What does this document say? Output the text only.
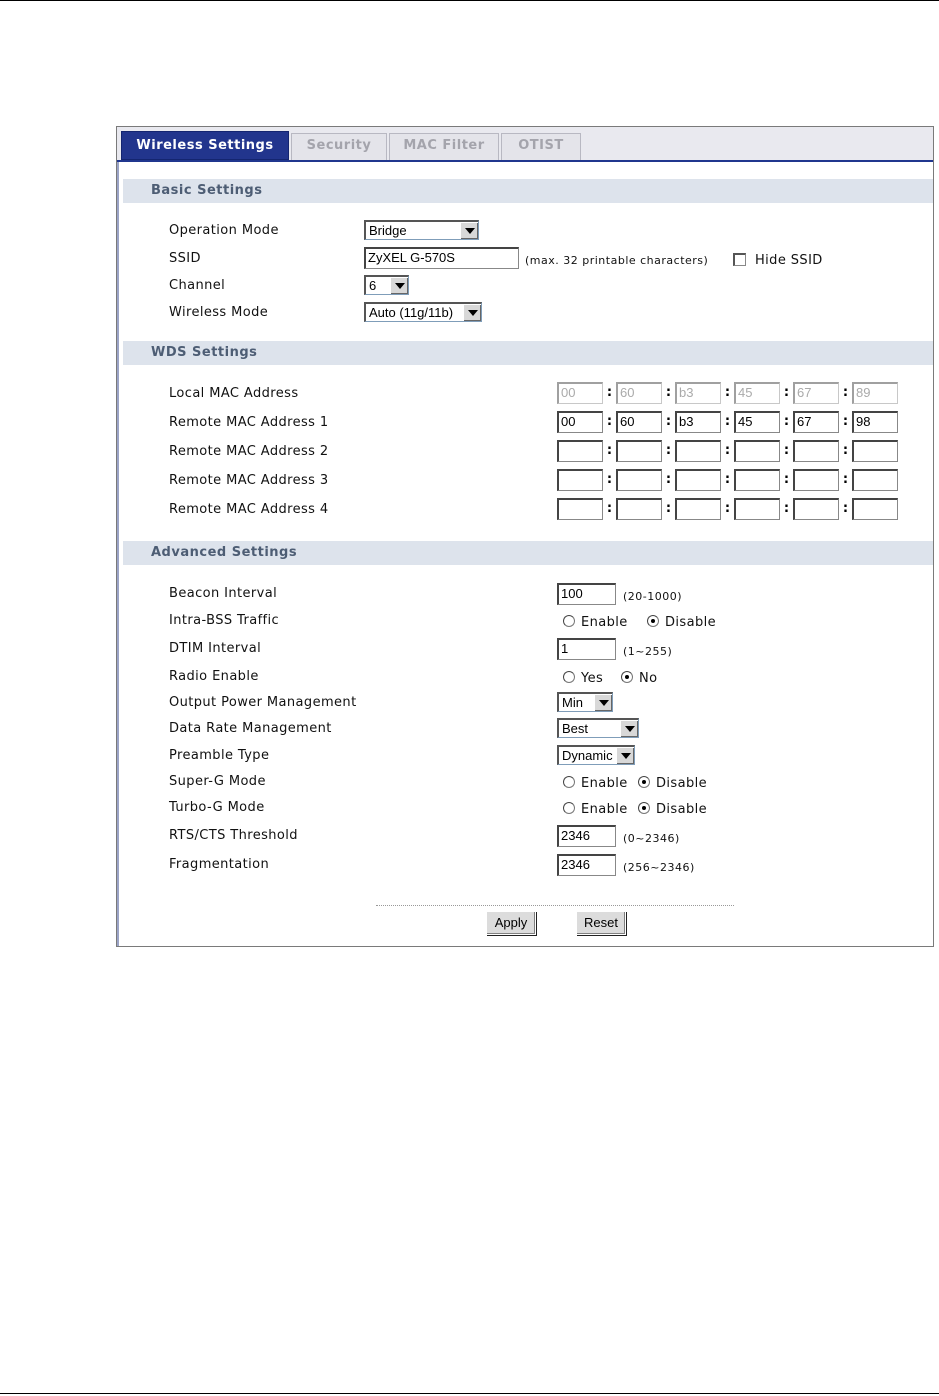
Wireless Settings	Security	MAC Filter	OTIST
Basic Settings
Operation Mode	Bridge
SSID	ZyXEL G-570S	(max. 32 printable characters)	Hide SSID
Channel	6
Wireless Mode	Auto (11g/11b)
WDS Settings
Local MAC Address	00	: 60	: b3	: 45	: 67	: 89
Remote MAC Address 1	00	: 60	: b3	: 45	: 67	: 98
Remote MAC Address 2	:	:	:	:	:
Remote MAC Address 3	:	:	:	:	:
Remote MAC Address 4	:	:	:	:	:
Advanced Settings
Beacon Interval	100	(20-1000)
Intra-BSS Traffic	Enable	Disable
DTIM Interval	1	(1~255)
Radio Enable	Yes	No
Output Power Management	Min
Data Rate Management	Best
Preamble Type	Dynamic
Super-G Mode	Enable Disable
Turbo-G Mode	Enable Disable
RTS/CTS Threshold	2346	(0~2346)
Fragmentation	2346	(256~2346)
Apply	Reset
